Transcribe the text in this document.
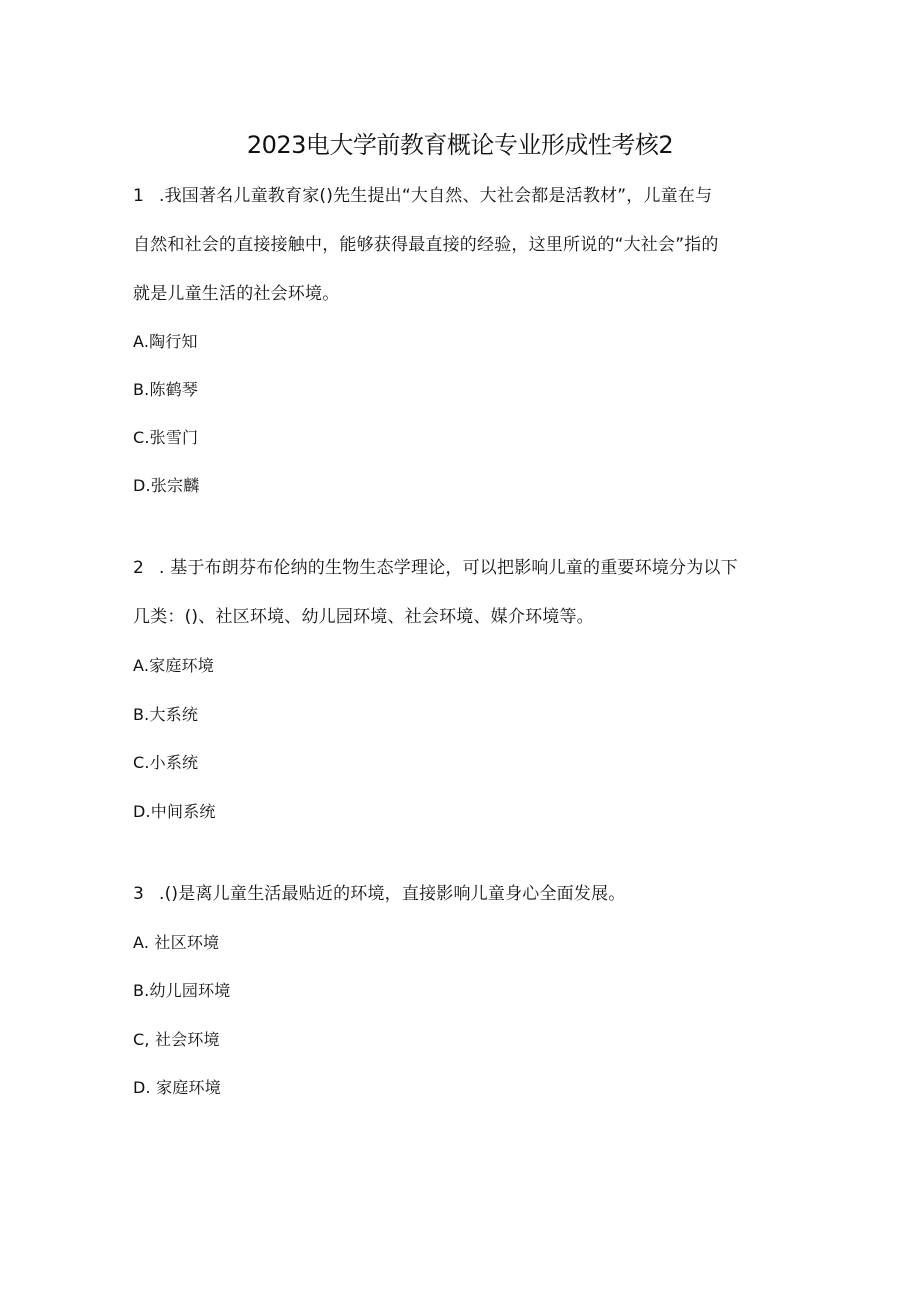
2023电大学前教育概论专业形成性考核2
1 .我国著名儿童教育家()先生提出“大自然、大社会都是活教材”，儿童在与
自然和社会的直接接触中，能够获得最直接的经验，这里所说的“大社会”指的
就是儿童生活的社会环境。
A.陶行知
B.陈鹤琴
C.张雪门
D.张宗麟
2 . 基于布朗芬布伦纳的生物生态学理论，可以把影响儿童的重要环境分为以下
几类：()、社区环境、幼儿园环境、社会环境、媒介环境等。
A.家庭环境
B.大系统
C.小系统
D.中间系统
3 .()是离儿童生活最贴近的环境，直接影响儿童身心全面发展。
A. 社区环境
B.幼儿园环境
C, 社会环境
D. 家庭环境
